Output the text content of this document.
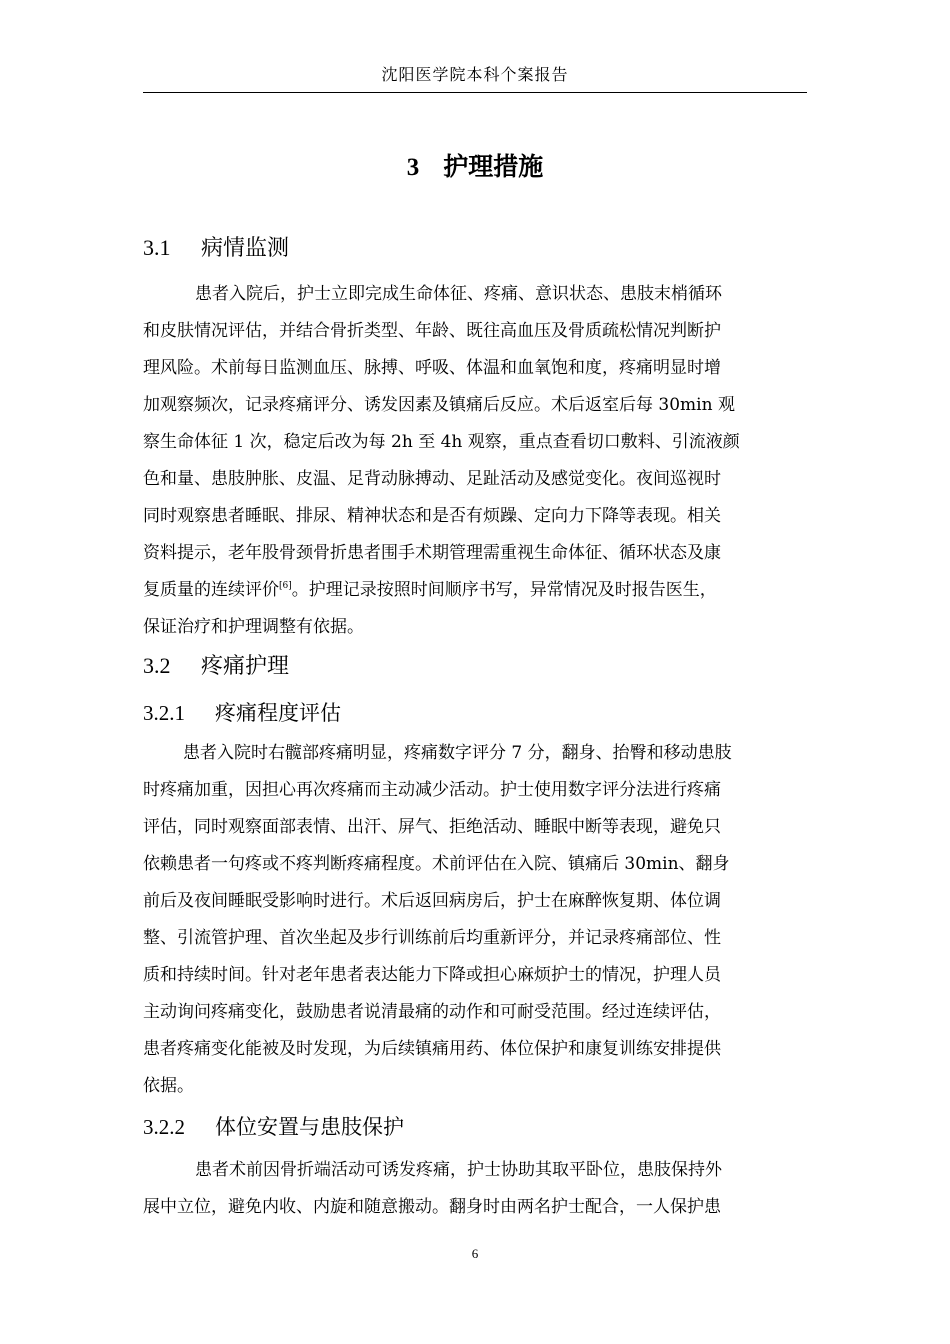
沈阳医学院本科个案报告
3 护理措施
3.1 病情监测

患者入院后，护士立即完成生命体征、疼痛、意识状态、患肢末梢循环
和皮肤情况评估，并结合骨折类型、年龄、既往高血压及骨质疏松情况判断护
理风险。术前每日监测血压、脉搏、呼吸、体温和血氧饱和度，疼痛明显时增
加观察频次，记录疼痛评分、诱发因素及镇痛后反应。术后返室后每 30min 观
察生命体征 1 次，稳定后改为每 2h 至 4h 观察，重点查看切口敷料、引流液颜
色和量、患肢肿胀、皮温、足背动脉搏动、足趾活动及感觉变化。夜间巡视时
同时观察患者睡眠、排尿、精神状态和是否有烦躁、定向力下降等表现。相关
资料提示，老年股骨颈骨折患者围手术期管理需重视生命体征、循环状态及康
复质量的连续评价[6]。护理记录按照时间顺序书写，异常情况及时报告医生，
保证治疗和护理调整有依据。

3.2 疼痛护理
3.2.1 疼痛程度评估

患者入院时右髋部疼痛明显，疼痛数字评分 7 分，翻身、抬臀和移动患肢
时疼痛加重，因担心再次疼痛而主动减少活动。护士使用数字评分法进行疼痛
评估，同时观察面部表情、出汗、屏气、拒绝活动、睡眠中断等表现，避免只
依赖患者一句疼或不疼判断疼痛程度。术前评估在入院、镇痛后 30min、翻身
前后及夜间睡眠受影响时进行。术后返回病房后，护士在麻醉恢复期、体位调
整、引流管护理、首次坐起及步行训练前后均重新评分，并记录疼痛部位、性
质和持续时间。针对老年患者表达能力下降或担心麻烦护士的情况，护理人员
主动询问疼痛变化，鼓励患者说清最痛的动作和可耐受范围。经过连续评估，
患者疼痛变化能被及时发现，为后续镇痛用药、体位保护和康复训练安排提供
依据。

3.2.2 体位安置与患肢保护

患者术前因骨折端活动可诱发疼痛，护士协助其取平卧位，患肢保持外
展中立位，避免内收、内旋和随意搬动。翻身时由两名护士配合，一人保护患

6
